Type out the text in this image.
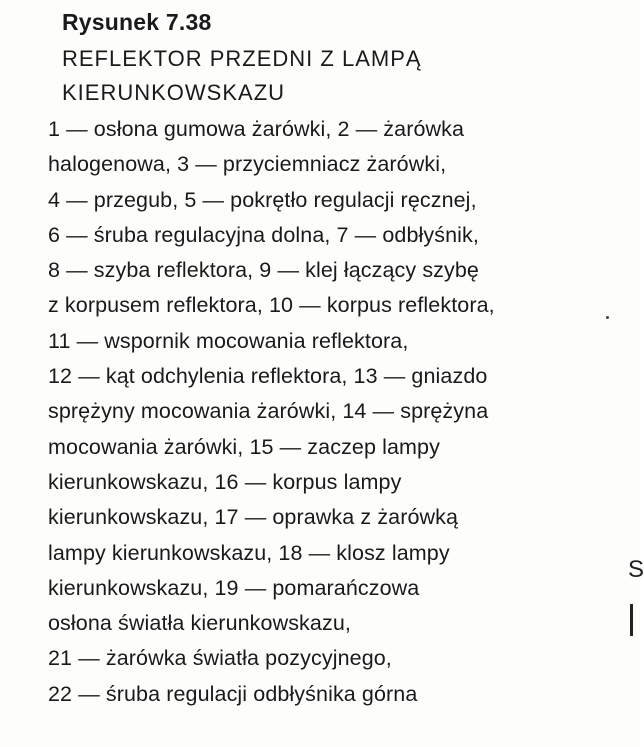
Rysunek 7.38
REFLEKTOR PRZEDNI Z LAMPĄ
KIERUNKOWSKAZU
1 — osłona gumowa żarówki, 2 — żarówka
halogenowa, 3 — przyciemniacz żarówki,
4 — przegub, 5 — pokrętło regulacji ręcznej,
6 — śruba regulacyjna dolna, 7 — odbłyśnik,
8 — szyba reflektora, 9 — klej łączący szybę
z korpusem reflektora, 10 — korpus reflektora,
11 — wspornik mocowania reflektora,
12 — kąt odchylenia reflektora, 13 — gniazdo
sprężyny mocowania żarówki, 14 — sprężyna
mocowania żarówki, 15 — zaczep lampy
kierunkowskazu, 16 — korpus lampy
kierunkowskazu, 17 — oprawka z żarówką
lampy kierunkowskazu, 18 — klosz lampy
kierunkowskazu, 19 — pomarańczowa
osłona światła kierunkowskazu,
21 — żarówka światła pozycyjnego,
22 — śruba regulacji odbłyśnika górna
S
